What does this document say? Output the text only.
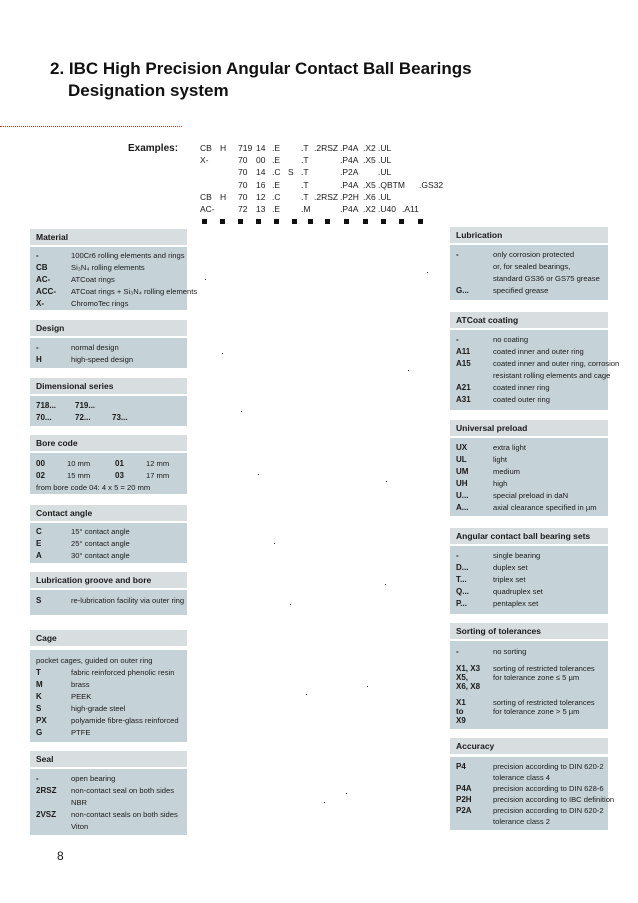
2. IBC High Precision Angular Contact Ball Bearings
Designation system
Examples:	CB H 719 14 .E .T .2RSZ .P4A .X2 .UL
X-	70 00 .E .T	.P4A .X5 .UL
70 14 .C S .T	.P2A .UL
70 16 .E .T	.P4A .X5 .QBTM .GS32
CB H 70 12 .C .T .2RSZ .P2H .X6 .UL
AC-	72 13 .E .M	.P4A .X2 .U40 .A11
Material
-	100Cr6 rolling elements and rings
CB	Si₃N₄ rolling elements
AC-	ATCoat rings
ACC- ATCoat rings + Si₃N₄ rolling elements
X-	ChromoTec rings
Design
-	normal design
H	high-speed design
Dimensional series
718... 719...
70...	72...	73...
Bore code
00	10 mm	01	12 mm
02	15 mm	03	17 mm
from bore code 04: 4 x 5 = 20 mm
Contact angle
C	15° contact angle
E	25° contact angle
A	30° contact angle
Lubrication groove and bore
S	re-lubrication facility via outer ring
Cage
pocket cages, guided on outer ring
T	fabric reinforced phenolic resin
M	brass
K	PEEK
S	high-grade steel
PX	polyamide fibre-glass reinforced
G	PTFE
Seal
-	open bearing
2RSZ non-contact seal on both sides
NBR
2VSZ non-contact seals on both sides
Viton
Lubrication
-	only corrosion protected
or, for sealed bearings,
standard GS36 or GS75 grease
G...	specified grease
ATCoat coating
-	no coating
A11	coated inner and outer ring
A15	coated inner and outer ring, corrosion
resistant rolling elements and cage
A21	coated inner ring
A31	coated outer ring
Universal preload
UX	extra light
UL	light
UM	medium
UH	high
U...	special preload in daN
A...	axial clearance specified in µm
Angular contact ball bearing sets
-	single bearing
D...	duplex set
T...	triplex set
Q...	quadruplex set
P...	pentaplex set
Sorting of tolerances
-	no sorting
X1, X3 sorting of restricted tolerances
X5,	for tolerance zone ≤ 5 µm
X6, X8
X1	sorting of restricted tolerances
to	for tolerance zone > 5 µm
X9
Accuracy
P4	precision according to DIN 620-2
tolerance class 4
P4A	precision according to DIN 628-6
P2H	precision according to IBC definition
P2A	precision according to DIN 620-2
tolerance class 2
8
